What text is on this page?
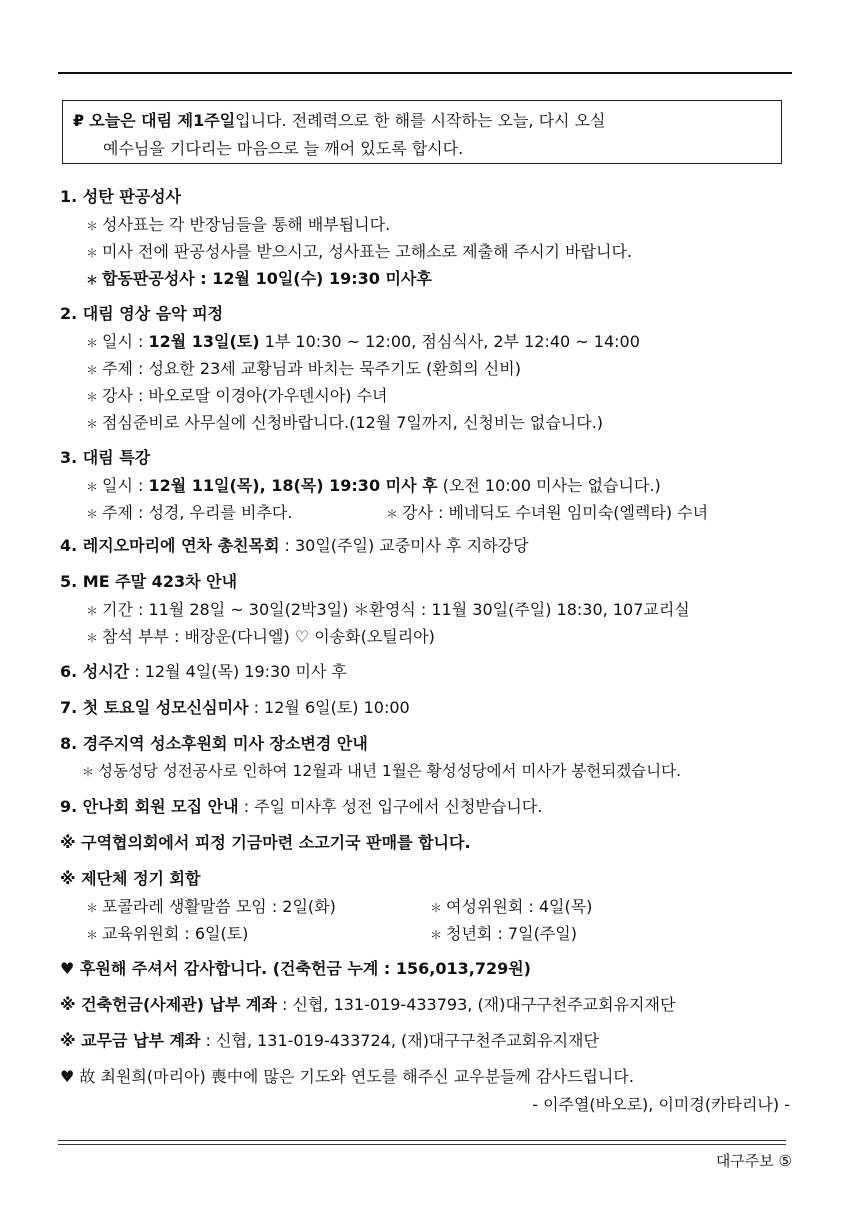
₽ 오늘은 대림 제1주일입니다. 전례력으로 한 해를 시작하는 오늘, 다시 오실
예수님을 기다리는 마음으로 늘 깨어 있도록 합시다.
1. 성탄 판공성사
＊ 성사표는 각 반장님들을 통해 배부됩니다.
＊ 미사 전에 판공성사를 받으시고, 성사표는 고해소로 제출해 주시기 바랍니다.
＊ 합동판공성사 : 12월 10일(수) 19:30 미사후
2. 대림 영상 음악 피정
＊ 일시 : 12월 13일(토) 1부 10:30 ~ 12:00, 점심식사, 2부 12:40 ~ 14:00
＊ 주제 : 성요한 23세 교황님과 바치는 묵주기도 (환희의 신비)
＊ 강사 : 바오로딸 이경아(가우덴시아) 수녀
＊ 점심준비로 사무실에 신청바랍니다.(12월 7일까지, 신청비는 없습니다.)
3. 대림 특강
＊ 일시 : 12월 11일(목), 18(목) 19:30 미사 후 (오전 10:00 미사는 없습니다.)
＊ 주제 : 성경, 우리를 비추다.	＊ 강사 : 베네딕도 수녀원 임미숙(엘렉타) 수녀
4. 레지오마리에 연차 총친목회 : 30일(주일) 교중미사 후 지하강당
5. ME 주말 423차 안내
＊ 기간 : 11월 28일 ~ 30일(2박3일) ＊환영식 : 11월 30일(주일) 18:30, 107교리실
＊ 참석 부부 : 배장운(다니엘) ♡ 이송화(오틸리아)
6. 성시간 : 12월 4일(목) 19:30 미사 후
7. 첫 토요일 성모신심미사 : 12월 6일(토) 10:00
8. 경주지역 성소후원회 미사 장소변경 안내
＊ 성동성당 성전공사로 인하여 12월과 내년 1월은 황성성당에서 미사가 봉헌되겠습니다.
9. 안나회 회원 모집 안내 : 주일 미사후 성전 입구에서 신청받습니다.
※ 구역협의회에서 피정 기금마련 소고기국 판매를 합니다.
※ 제단체 정기 회합
＊ 포콜라레 생활말씀 모임 : 2일(화)	＊ 여성위원회 : 4일(목)
＊ 교육위원회 : 6일(토)	＊ 청년회 : 7일(주일)
♥ 후원해 주셔서 감사합니다. (건축헌금 누계 : 156,013,729원)
※ 건축헌금(사제관) 납부 계좌 : 신협, 131-019-433793, (재)대구구천주교회유지재단
※ 교무금 납부 계좌 : 신협, 131-019-433724, (재)대구구천주교회유지재단
♥ 故 최원희(마리아) 喪中에 많은 기도와 연도를 해주신 교우분들께 감사드립니다.
- 이주열(바오로), 이미경(카타리나) -
대구주보 ⑤
